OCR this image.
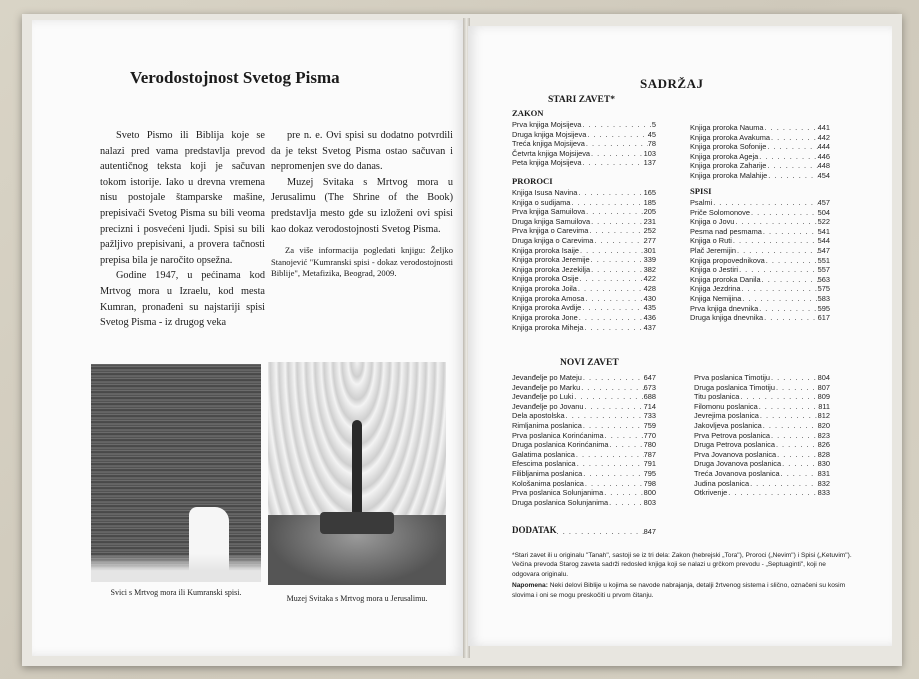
Verodostojnost Svetog Pisma

Sveto Pismo ili Biblija koje se nalazi pred vama predstavlja prevod autentičnog teksta koji je sačuvan tokom istorije. Iako u drevna vremena nisu postojale štamparske mašine, prepisivači Svetog Pisma su bili veoma precizni i posvećeni ljudi. Spisi su bili pažljivo prepisivani, a provera tačnosti prepisa bila je naročito opsežna.

Godine 1947, u pećinama kod Mrtvog mora u Izraelu, kod mesta Kumran, pronađeni su najstariji spisi Svetog Pisma - iz drugog veka

pre n. e. Ovi spisi su dodatno potvrdili da je tekst Svetog Pisma ostao sačuvan i nepromenjen sve do danas.

Muzej Svitaka s Mrtvog mora u Jerusalimu (The Shrine of the Book) predstavlja mesto gde su izloženi ovi spisi kao dokaz verodostojnosti Svetog Pisma.

Za više informacija pogledati knjigu: Željko Stanojević "Kumranski spisi - dokaz verodostojnosti Biblije", Metafizika, Beograd, 2009.

Svici s Mrtvog mora ili Kumranski spisi.
Muzej Svitaka s Mrtvog mora u Jerusalimu.
SADRŽAJ
STARI ZAVET*
ZAKON
Prva knjiga Mojsijeva . . .	5
Druga knjiga Mojsijeva . . .	45
Treća knjiga Mojsijeva . . .	78
Četvrta knjiga Mojsijeva . . .	103
Peta knjiga Mojsijeva . . .	137
PROROCI
Knjiga Isusa Navina . . .	165
Knjiga o sudijama . . .	185
Prva knjiga Samuilova . . .	205
Druga knjiga Samuilova . . .	231
Prva knjiga o Carevima . . .	252
Druga knjiga o Carevima . . .	277
Knjiga proroka Isaije . . .	301
Knjiga proroka Jeremije . . .	339
Knjiga proroka Jezekilja . . .	382
Knjiga proroka Osije . . .	422
Knjiga proroka Joila . . .	428
Knjiga proroka Amosa . . .	430
Knjiga proroka Avdije . . .	435
Knjiga proroka Jone . . .	436
Knjiga proroka Miheja . . .	437
Knjiga proroka Nauma . . .	441
Knjiga proroka Avakuma . . .	442
Knjiga proroka Sofonije . . .	444
Knjiga proroka Ageja . . .	446
Knjiga proroka Zaharije . . .	448
Knjiga proroka Malahije . . .	454
SPISI
Psalmi . . .	457
Priče Solomonove . . .	504
Knjiga o Jovu . . .	522
Pesma nad pesmama . . .	541
Knjiga o Ruti . . .	544
Plač Jeremijin . . .	547
Knjiga propovednikova . . .	551
Knjiga o Jestiri . . .	557
Knjiga proroka Danila . . .	563
Knjiga Jezdrina . . .	575
Knjiga Nemijina . . .	583
Prva knjiga dnevnika . . .	595
Druga knjiga dnevnika . . .	617
NOVI ZAVET
Jevanđelje po Mateju . . .	647
Jevanđelje po Marku . . .	673
Jevanđelje po Luki . . .	688
Jevanđelje po Jovanu . . .	714
Dela apostolska . . .	733
Rimljanima poslanica . . .	759
Prva poslanica Korinćanima . . .	770
Druga poslanica Korinćanima . . .	780
Galatima poslanica . . .	787
Efescima poslanica . . .	791
Filibljanima poslanica . . .	795
Kološanima poslanica . . .	798
Prva poslanica Solunjanima . . .	800
Druga poslanica Solunjanima . . .	803
Prva poslanica Timotiju . . .	804
Druga poslanica Timotiju . . .	807
Titu poslanica . . .	809
Filomonu poslanica . . .	811
Jevrejima poslanica . . .	812
Jakovljeva poslanica . . .	820
Prva Petrova poslanica . . .	823
Druga Petrova poslanica . . .	826
Prva Jovanova poslanica . . .	828
Druga Jovanova poslanica . . .	830
Treća Jovanova poslanica . . .	831
Judina poslanica . . .	832
Otkrivenje . . .	833
DODATAK . . .	847

*Stari zavet ili u originalu "Tanah", sastoji se iz tri dela: Zakon (hebrejski „Tora"), Proroci („Nevim") i Spisi („Ketuvim"). Večina prevoda Starog zaveta sadrži redosled knjiga koji se nalazi u grčkom prevodu - „Septuaginti", koji ne odgovara originalu.

Napomena: Neki delovi Biblije u kojima se navode nabrajanja, detalji žrtvenog sistema i slično, označeni su kosim slovima i oni se mogu preskočiti u prvom čitanju.
